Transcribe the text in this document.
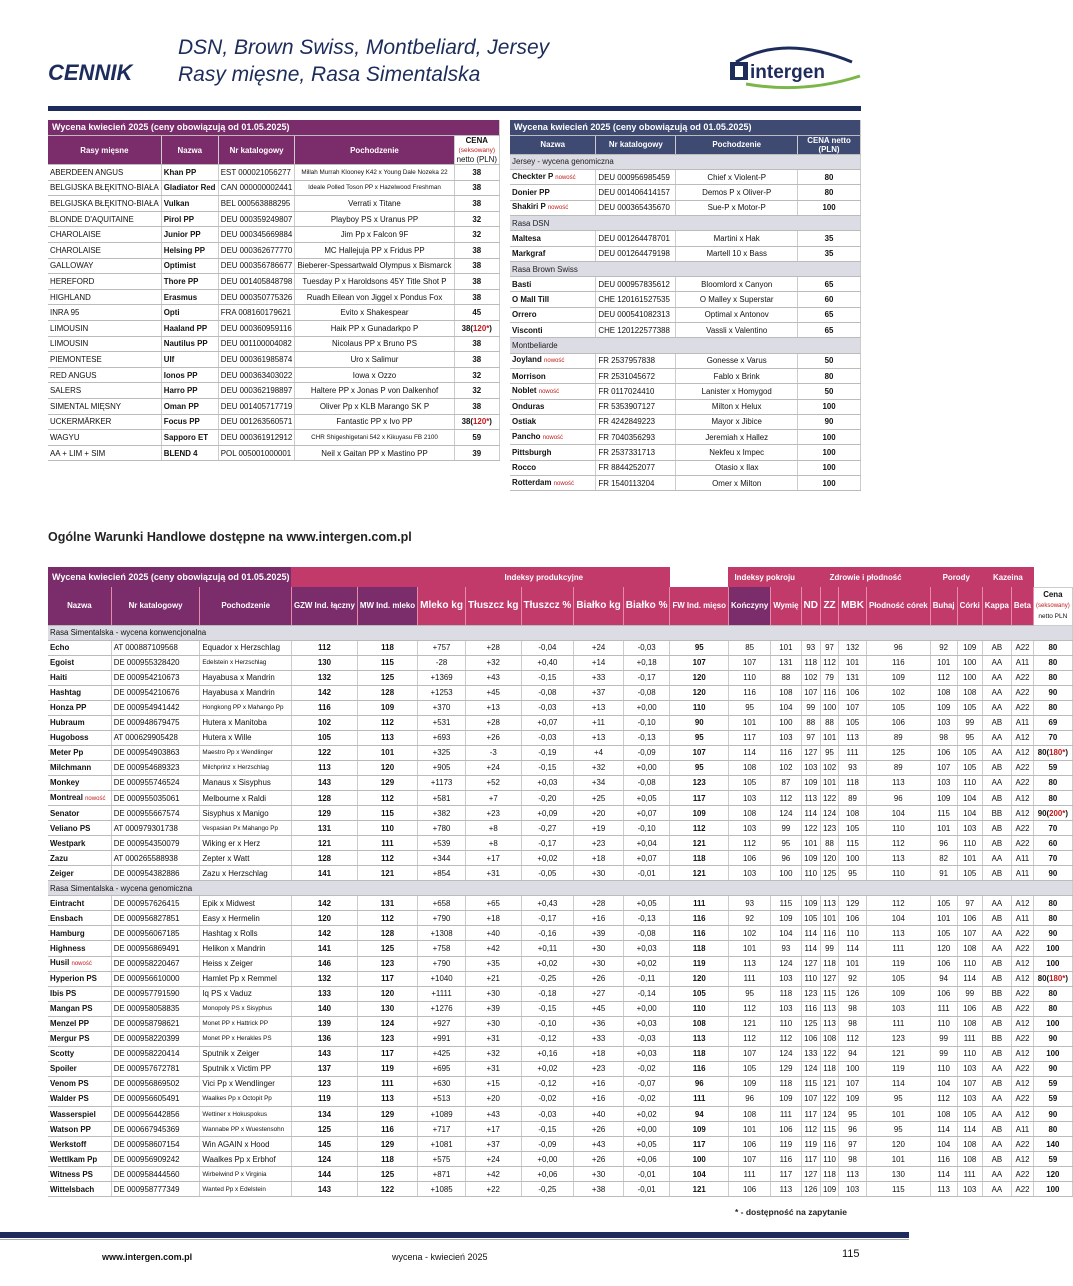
CENNIK
DSN, Brown Swiss, Montbeliard, Jersey
Rasy mięsne, Rasa Simentalska	intergen
Wycena kwiecień 2025 (ceny obowiązują od 01.05.2025)				
Rasy mięsne	Nazwa	Nr katalogowy	Pochodzenie	CENA
(seksowany)
netto (PLN)
ABERDEEN ANGUS	Khan PP	EST 000021056277	Millah Murrah Klooney K42 x Young Dale Nozeka 22	38
BELGIJSKA BŁĘKITNO-BIAŁA	Gladiator Red	CAN 000000002441	Ideale Polled Toson PP x Hazelwood Freshman	38
BELGIJSKA BŁĘKITNO-BIAŁA	Vulkan	BEL 000563888295	Verrati x Titane	38
BLONDE D'AQUITAINE	Pirol PP	DEU 000359249807	Playboy PS x Uranus PP	32
CHAROLAISE	Junior PP	DEU 000345669884	Jim Pp x Falcon 9F	32
CHAROLAISE	Helsing PP	DEU 000362677770	MC Hallejuja PP x Fridus PP	38
GALLOWAY	Optimist	DEU 000356786677	Bieberer-Spessartwald Olympus x Bismarck	38
HEREFORD	Thore PP	DEU 001405848798	Tuesday P x Haroldsons 45Y Title Shot P	38
HIGHLAND	Erasmus	DEU 000350775326	Ruadh Eilean von Jiggel x Pondus Fox	38
INRA 95	Opti	FRA 008160179621	Evito x Shakespear	45
LIMOUSIN	Haaland PP	DEU 000360959116	Haik PP x Gunadarkpo P	38(120*)
LIMOUSIN	Nautilus PP	DEU 001100004082	Nicolaus PP x Bruno PS	38
PIEMONTESE	Ulf	DEU 000361985874	Uro x Salimur	38
RED ANGUS	Ionos PP	DEU 000363403022	Iowa x Ozzo	32
SALERS	Harro PP	DEU 000362198897	Haltere PP x Jonas P von Dalkenhof	32
SIMENTAL MIĘSNY	Oman PP	DEU 001405717719	Oliver Pp x KLB Marango SK P	38
UCKERMÄRKER	Focus PP	DEU 001263560571	Fantastic PP x Ivo PP	38(120*)
WAGYU	Sapporo ET	DEU 000361912912	CHR Shigeshigetani 542 x Kikuyasu FB 2100	59
AA + LIM + SIM	BLEND 4	POL 005001000001	Neil x Gaitan PP x Mastino PP	39
Wycena kwiecień 2025 (ceny obowiązują od 01.05.2025)			
Nazwa	Nr katalogowy	Pochodzenie	CENA netto
(PLN)
Jersey - wycena genomiczna			
Checkter P nowość	DEU 000956985459	Chief x Violent-P	80
Donier PP	DEU 001406414157	Demos P x Oliver-P	80
Shakiri P nowość	DEU 000365435670	Sue-P x Motor-P	100
Rasa DSN			
Maltesa	DEU 001264478701	Martini x Hak	35
Markgraf	DEU 001264479198	Martell 10 x Bass	35
Rasa Brown Swiss			
Basti	DEU 000957835612	Bloomlord x Canyon	65
O Mall Till	CHE 120161527535	O Malley x Superstar	60
Orrero	DEU 000541082313	Optimal x Antonov	65
Visconti	CHE 120122577388	Vassli x Valentino	65
Montbeliarde			
Joyland nowość	FR 2537957838	Gonesse x Varus	50
Morrison	FR 2531045672	Fablo x Brink	80
Noblet nowość	FR 0117024410	Lanister x Homygod	50
Onduras	FR 5353907127	Milton x Helux	100
Ostiak	FR 4242849223	Mayor x Jibice	90
Pancho nowość	FR 7040356293	Jeremiah x Hallez	100
Pittsburgh	FR 2537331713	Nekfeu x Impec	100
Rocco	FR 8844252077	Otasio x Ilax	100
Rotterdam nowość	FR 1540113204	Omer x Milton	100
Ogólne Warunki Handlowe dostępne na www.intergen.com.pl
Wycena kwiecień 2025 (ceny obowiązują od 01.05.2025)					Indeksy produkcyjne						Indeksy pokroju		Zdrowie i płodność				Porody		Kazeina		
Nazwa	Nr katalogowy	Pochodzenie	GZW Ind. łączny	MW Ind. mleko	Mleko kg	Tłuszcz kg	Tłuszcz %	Białko kg	Białko %	FW Ind. mięso	Kończyny	Wymię	ND	ZZ	MBK	Płodność córek	Buhaj	Córki	Kappa	Beta	Cena
(seksowany)
netto PLN
Rasa Simentalska - wycena konwencjonalna																					
Echo	AT 000887109568	Equador x Herzschlag	112	118	+757	+28	-0,04	+24	-0,03	95	85	101	93	97	132	96	92	109	AB	A22	80
Egoist	DE 000955328420	Edelstein x Herzschlag	130	115	-28	+32	+0,40	+14	+0,18	107	107	131	118	112	101	116	101	100	AA	A11	80
Haiti	DE 000954210673	Hayabusa x Mandrin	132	125	+1369	+43	-0,15	+33	-0,17	120	110	88	102	79	131	109	112	100	AA	A22	80
Hashtag	DE 000954210676	Hayabusa x Mandrin	142	128	+1253	+45	-0,08	+37	-0,08	120	116	108	107	116	106	102	108	108	AA	A22	90
Honza PP	DE 000954941442	Hongkong PP x Mahango Pp	116	109	+370	+13	-0,03	+13	+0,00	110	95	104	99	100	107	105	109	105	AA	A22	80
Hubraum	DE 000948679475	Hutera x Manitoba	102	112	+531	+28	+0,07	+11	-0,10	90	101	100	88	88	105	106	103	99	AB	A11	69
Hugoboss	AT 000629905428	Hutera x Wille	105	113	+693	+26	-0,03	+13	-0,13	95	117	103	97	101	113	89	98	95	AA	A12	70
Meter Pp	DE 000954903863	Maestro Pp x Wendlinger	122	101	+325	-3	-0,19	+4	-0,09	107	114	116	127	95	111	125	106	105	AA	A12	80(180*)
Milchmann	DE 000954689323	Milchprinz x Herzschlag	113	120	+905	+24	-0,15	+32	+0,00	95	108	102	103	102	93	89	107	105	AB	A22	59
Monkey	DE 000955746524	Manaus x Sisyphus	143	129	+1173	+52	+0,03	+34	-0,08	123	105	87	109	101	118	113	103	110	AA	A22	80
Montreal nowość	DE 000955035061	Melbourne x Raldi	128	112	+581	+7	-0,20	+25	+0,05	117	103	112	113	122	89	96	109	104	AB	A12	80
Senator	DE 000955667574	Sisyphus x Manigo	129	115	+382	+23	+0,09	+20	+0,07	109	108	124	114	124	108	104	115	104	BB	A12	90(200*)
Veliano PS	AT 000979301738	Vespasian Px Mahango Pp	131	110	+780	+8	-0,27	+19	-0,10	112	103	99	122	123	105	110	101	103	AB	A22	70
Westpark	DE 000954350079	Wiking er x Herz	121	111	+539	+8	-0,17	+23	+0,04	121	112	95	101	88	115	112	96	110	AB	A22	60
Zazu	AT 000265588938	Zepter x Watt	128	112	+344	+17	+0,02	+18	+0,07	118	106	96	109	120	100	113	82	101	AA	A11	70
Zeiger	DE 000954382886	Zazu x Herzschlag	141	121	+854	+31	-0,05	+30	-0,01	121	103	100	110	125	95	110	91	105	AB	A11	90
Rasa Simentalska - wycena genomiczna																					
Eintracht	DE 000957626415	Epik x Midwest	142	131	+658	+65	+0,43	+28	+0,05	111	93	115	109	113	129	112	105	97	AA	A12	80
Ensbach	DE 000956827851	Easy x Hermelin	120	112	+790	+18	-0,17	+16	-0,13	116	92	109	105	101	106	104	101	106	AB	A11	80
Hamburg	DE 000956067185	Hashtag x Rolls	142	128	+1308	+40	-0,16	+39	-0,08	116	102	104	114	116	110	113	105	107	AA	A22	90
Highness	DE 000956869491	Helikon x Mandrin	141	125	+758	+42	+0,11	+30	+0,03	118	101	93	114	99	114	111	120	108	AA	A22	100
Husil nowość	DE 000958220467	Heiss x Zeiger	146	123	+790	+35	+0,02	+30	+0,02	119	113	124	127	118	101	119	106	110	AB	A12	100
Hyperion PS	DE 000956610000	Hamlet Pp x Remmel	132	117	+1040	+21	-0,25	+26	-0,11	120	111	103	110	127	92	105	94	114	AB	A12	80(180*)
Ibis PS	DE 000957791590	Iq PS x Vaduz	133	120	+1111	+30	-0,18	+27	-0,14	105	95	118	123	115	126	109	106	99	BB	A22	80
Mangan PS	DE 000958058835	Monopoly PS x Sisyphus	140	130	+1276	+39	-0,15	+45	+0,00	110	112	103	116	113	98	103	111	106	AB	A22	80
Menzel PP	DE 000958798621	Monet PP x Hattrick PP	139	124	+927	+30	-0,10	+36	+0,03	108	121	110	125	113	98	111	110	108	AB	A12	100
Mergur PS	DE 000958220399	Monet PP x Herakles PS	136	123	+991	+31	-0,12	+33	-0,03	113	112	112	106	108	112	123	99	111	BB	A22	90
Scotty	DE 000958220414	Sputnik x Zeiger	143	117	+425	+32	+0,16	+18	+0,03	118	107	124	133	122	94	121	99	110	AB	A12	100
Spoiler	DE 000957672781	Sputnik x Victim PP	137	119	+695	+31	+0,02	+23	-0,02	116	105	129	124	118	100	119	110	103	AA	A22	90
Venom PS	DE 000956869502	Vici Pp x Wendlinger	123	111	+630	+15	-0,12	+16	-0,07	96	109	118	115	121	107	114	104	107	AB	A12	59
Walder PS	DE 000956605491	Waalkes Pp x Octopit Pp	119	113	+513	+20	-0,02	+16	-0,02	111	96	109	107	122	109	95	112	103	AA	A22	59
Wasserspiel	DE 000956442856	Wettiner x Hokuspokus	134	129	+1089	+43	-0,03	+40	+0,02	94	108	111	117	124	95	101	108	105	AA	A12	90
Watson PP	DE 000667945369	Wannabe PP x Wuestensohn	125	116	+717	+17	-0,15	+26	+0,00	109	101	106	112	115	96	95	114	114	AB	A11	80
Werkstoff	DE 000958607154	Win AGAIN x Hood	145	129	+1081	+37	-0,09	+43	+0,05	117	106	119	119	116	97	120	104	108	AA	A22	140
Wettlkam Pp	DE 000956909242	Waalkes Pp x Erbhof	124	118	+575	+24	+0,00	+26	+0,06	100	107	116	117	110	98	101	116	108	AB	A12	59
Witness PS	DE 000958444560	Wirbelwind P x Virginia	144	125	+871	+42	+0,06	+30	-0,01	104	111	117	127	118	113	130	114	111	AA	A22	120
Wittelsbach	DE 000958777349	Wanted Pp x Edelstein	143	122	+1085	+22	-0,25	+38	-0,01	121	106	113	126	109	103	115	113	103	AA	A22	100
* - dostępność na zapytanie
www.intergen.com.pl	wycena - kwiecień 2025	115
